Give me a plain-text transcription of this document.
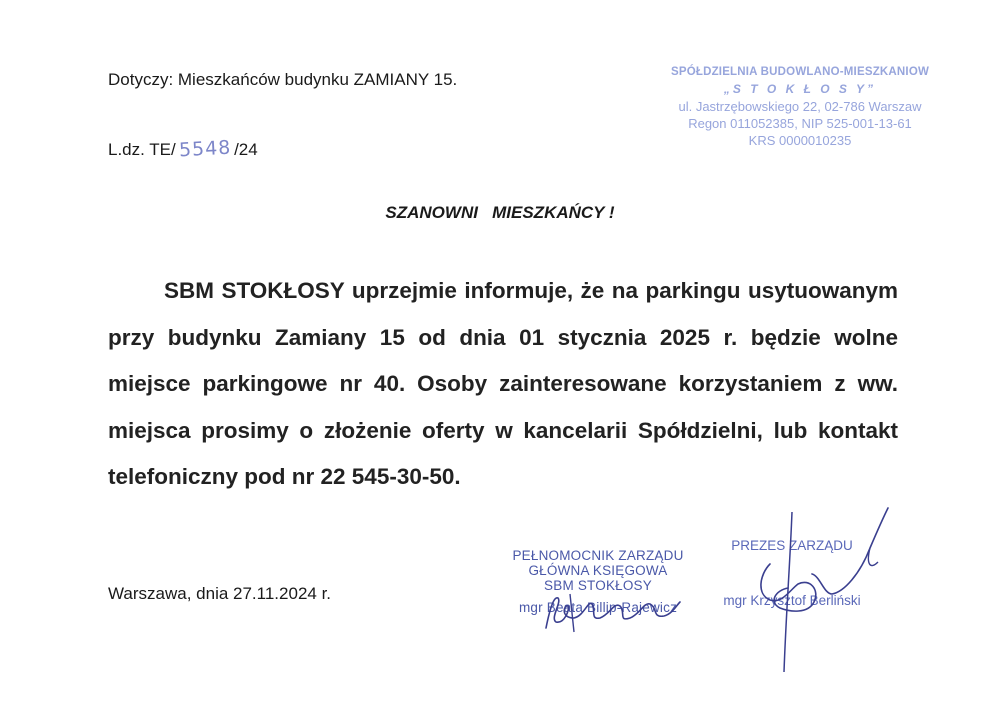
Dotyczy: Mieszkańców budynku ZAMIANY 15.
L.dz. TE/ 5548 /24
SPÓŁDZIELNIA BUDOWLANO-MIESZKANIOW
„S T O K Ł O S Y”
ul. Jastrzębowskiego 22, 02-786 Warszaw
Regon 011052385, NIP 525-001-13-61
KRS 0000010235
SZANOWNI   MIESZKAŃCY !
SBM STOKŁOSY uprzejmie informuje, że na parkingu usytuowanym przy budynku Zamiany 15 od dnia 01 stycznia 2025 r. będzie wolne miejsce parkingowe nr 40. Osoby zainteresowane korzystaniem z ww. miejsca prosimy o złożenie oferty w kancelarii Spółdzielni, lub kontakt telefoniczny pod nr 22 545-30-50.
Warszawa, dnia 27.11.2024 r.
PEŁNOMOCNIK ZARZĄDU
GŁÓWNA KSIĘGOWA
SBM STOKŁOSY
mgr Beata Billip-Rajewicz
PREZES ZARZĄDU
mgr Krzysztof Berliński
